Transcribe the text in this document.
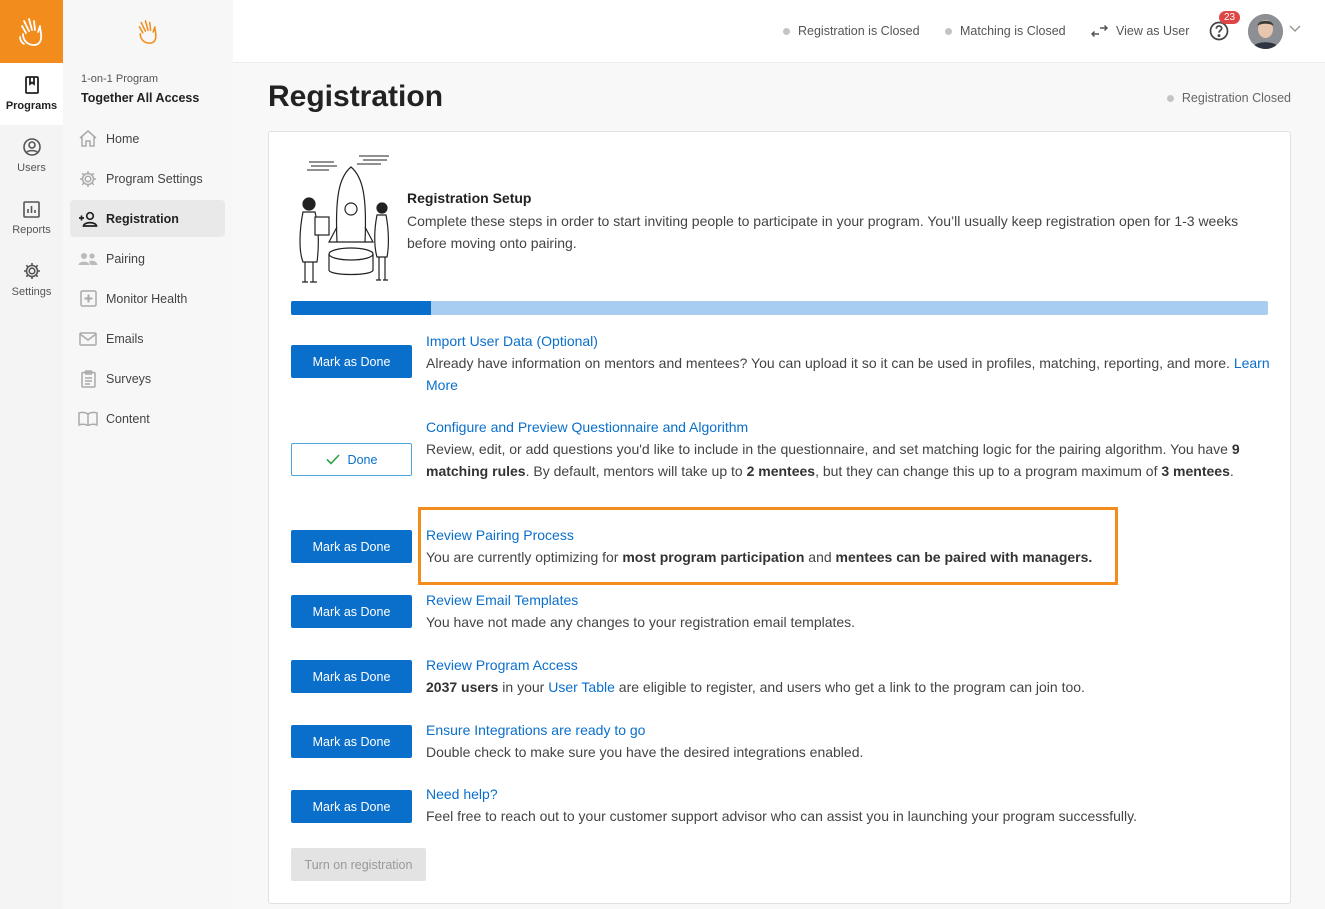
Programs
Users
Reports
Settings
1-on-1 Program
Together All Access
Home
Program Settings
Registration
Pairing
Monitor Health
Emails
Surveys
Content
Registration is Closed	Matching is Closed	View as User
23
Registration	Registration Closed
Registration Setup
Complete these steps in order to start inviting people to participate in your program. You’ll usually keep registration open for 1-3 weeks before moving onto pairing.
Mark as Done
Import User Data (Optional)
Already have information on mentors and mentees? You can upload it so it can be used in profiles, matching, reporting, and more. Learn More
Done
Configure and Preview Questionnaire and Algorithm
Review, edit, or add questions you'd like to include in the questionnaire, and set matching logic for the pairing algorithm. You have 9 matching rules. By default, mentors will take up to 2 mentees, but they can change this up to a program maximum of 3 mentees.
Mark as Done
Review Pairing Process
You are currently optimizing for most program participation and mentees can be paired with managers.
Mark as Done
Review Email Templates
You have not made any changes to your registration email templates.
Mark as Done
Review Program Access
2037 users in your User Table are eligible to register, and users who get a link to the program can join too.
Mark as Done
Ensure Integrations are ready to go
Double check to make sure you have the desired integrations enabled.
Mark as Done
Need help?
Feel free to reach out to your customer support advisor who can assist you in launching your program successfully.
Turn on registration
